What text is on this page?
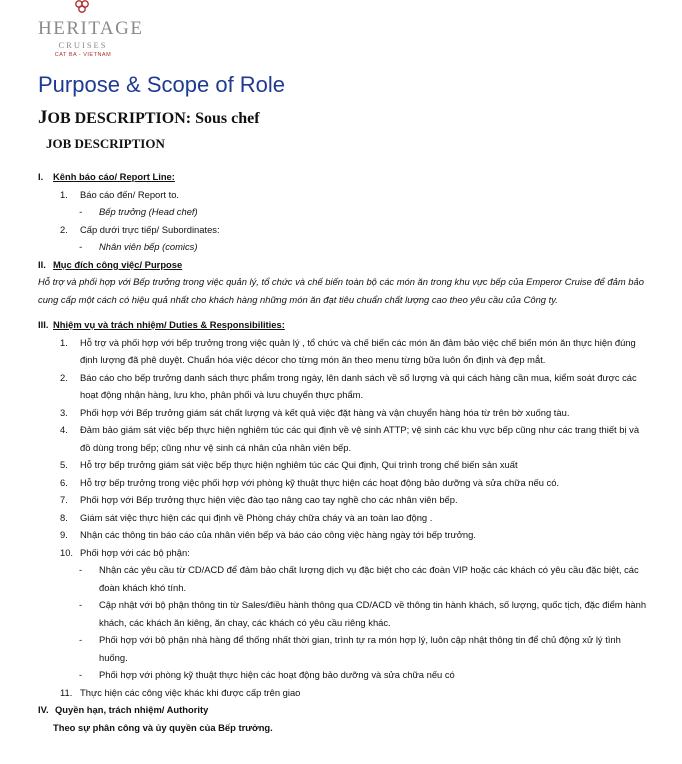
HERITAGE
CRUISES
CAT BA - VIETNAM
Purpose & Scope of Role
JOB DESCRIPTION: Sous chef
JOB DESCRIPTION
I. Kênh báo cáo/ Report Line:
1. Báo cáo đến/ Report to.
- Bếp trưởng (Head chef)
2. Cấp dưới trực tiếp/ Subordinates:
- Nhân viên bếp (comics)
II. Mục đích công việc/ Purpose
Hỗ trợ và phối hợp với Bếp trưởng trong việc quản lý, tổ chức và chế biến toàn bộ các món ăn trong khu vực bếp của Emperor Cruise để đảm bảo cung cấp một cách có hiệu quả nhất cho khách hàng những món ăn đạt tiêu chuẩn chất lượng cao theo yêu cầu của Công ty.
III. Nhiệm vụ và trách nhiệm/ Duties & Responsibilities:
1. Hỗ trợ và phối hợp với bếp trưởng trong việc quản lý , tổ chức và chế biến các món ăn đảm bảo việc chế biến món ăn thực hiện đúng định lượng đã phê duyệt. Chuẩn hóa việc décor cho từng món ăn theo menu từng bữa luôn ổn định và đẹp mắt.
2. Báo cáo cho bếp trưởng danh sách thực phẩm trong ngày, lên danh sách về số lượng và qui cách hàng cần mua, kiểm soát được các hoạt động nhận hàng, lưu kho, phân phối và lưu chuyển thực phẩm.
3. Phối hợp với Bếp trưởng giám sát chất lượng và kết quả việc đặt hàng và vận chuyển hàng hóa từ trên bờ xuống tàu.
4. Đảm bảo giám sát việc bếp thực hiện nghiêm túc các qui định về vệ sinh ATTP; vệ sinh các khu vực bếp cũng như các trang thiết bị và đồ dùng trong bếp; cũng như vệ sinh cá nhân của nhân viên bếp.
5. Hỗ trợ bếp trưởng giám sát việc bếp thực hiện nghiêm túc các Qui định, Qui trình trong chế biến sản xuất
6. Hỗ trợ bếp trưởng trong việc phối hợp với phòng kỹ thuật thực hiện các hoạt động bảo dưỡng và sửa chữa nếu có.
7. Phối hợp với Bếp trưởng thực hiện việc đào tạo nâng cao tay nghề cho các nhân viên bếp.
8. Giám sát việc thực hiện các qui định về Phòng cháy chữa cháy và an toàn lao động .
9. Nhận các thông tin báo cáo của nhân viên bếp và báo cáo công việc hàng ngày tới bếp trưởng.
10. Phối hợp với các bộ phận:
- Nhận các yêu cầu từ CD/ACD để đảm bảo chất lượng dịch vụ đặc biệt cho các đoàn VIP hoặc các khách có yêu cầu đặc biệt, các đoàn khách khó tính.
- Cập nhật với bộ phận thông tin từ Sales/điều hành thông qua CD/ACD về thông tin hành khách, số lượng, quốc tịch, đặc điểm hành khách, các khách ăn kiêng, ăn chay, các khách có yêu cầu riêng khác.
- Phối hợp với bộ phận nhà hàng để thống nhất thời gian, trình tự ra món hợp lý, luôn cập nhật thông tin để chủ động xử lý tình huống.
- Phối hợp với phòng kỹ thuật thực hiện các hoạt động bảo dưỡng và sửa chữa nếu có
11. Thực hiện các công việc khác khi được cấp trên giao
IV. Quyền hạn, trách nhiệm/ Authority
Theo sự phân công và ủy quyền của Bếp trưởng.
